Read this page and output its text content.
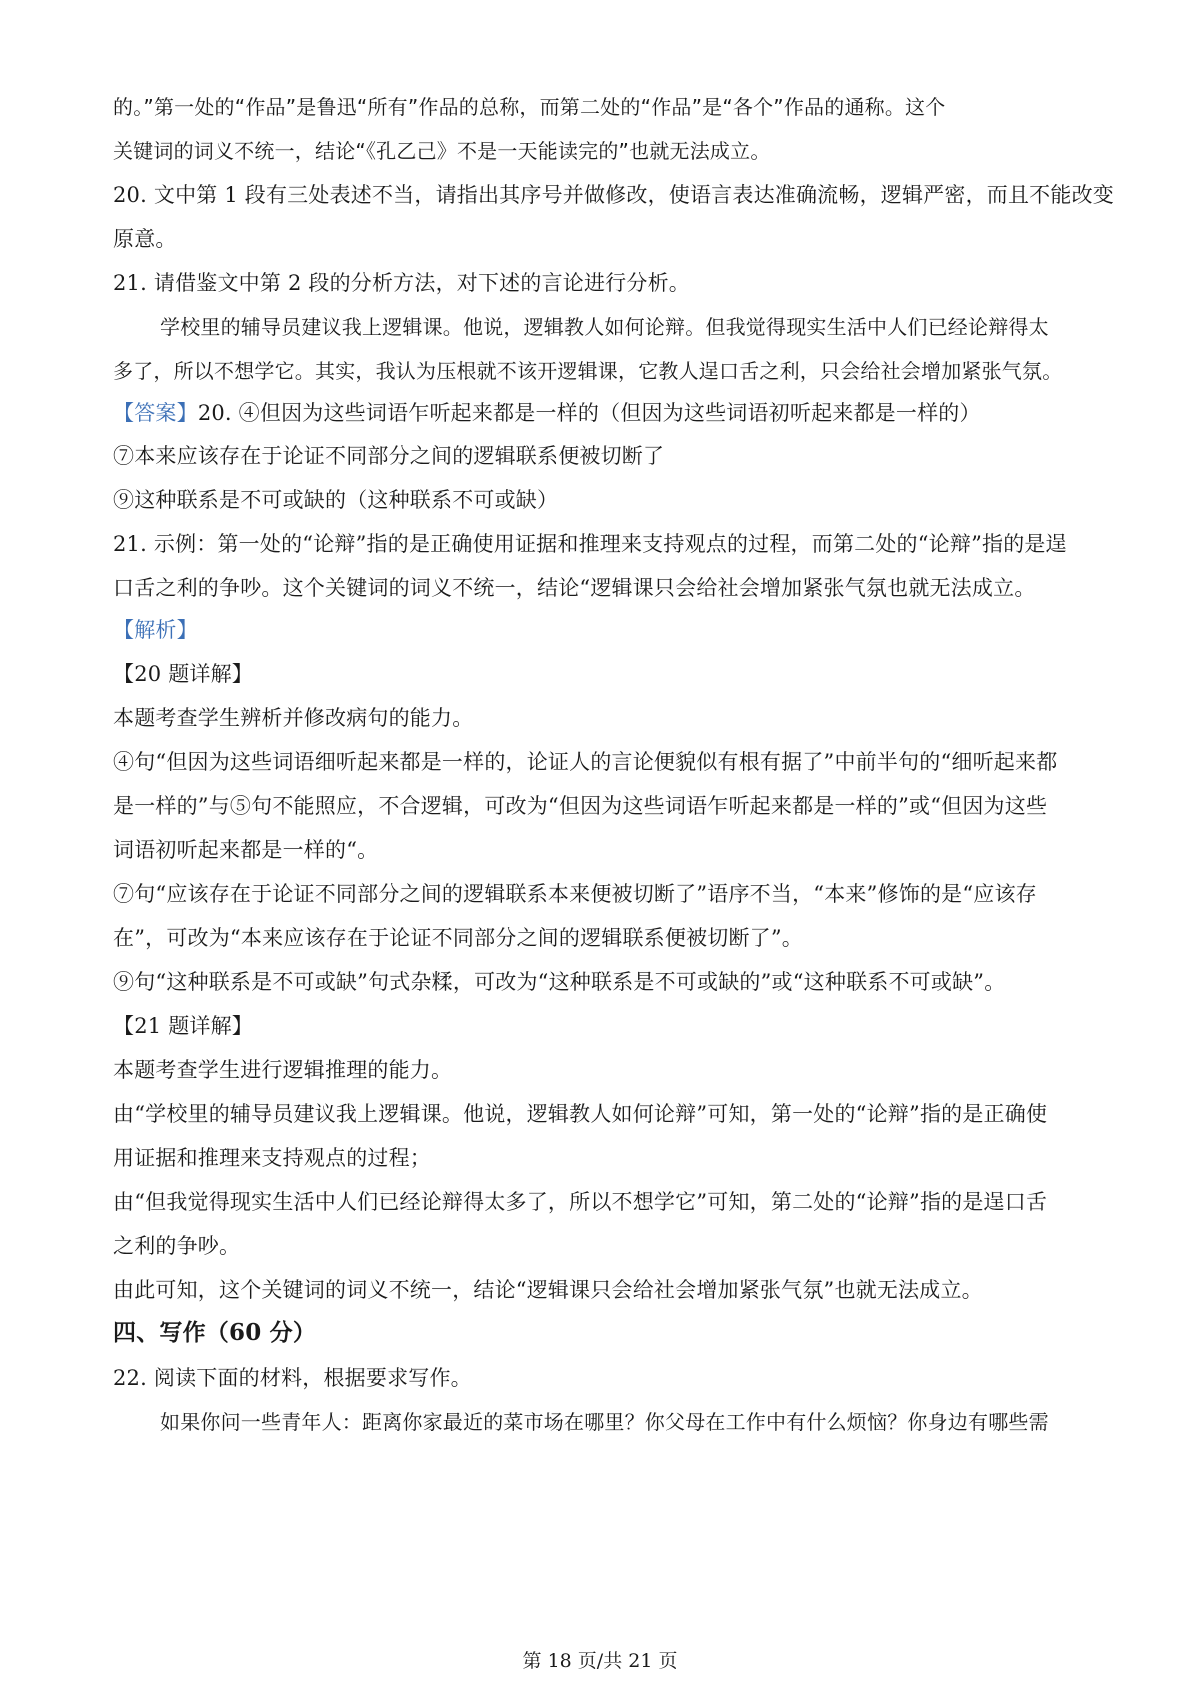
的。”第一处的“作品”是鲁迅“所有”作品的总称，而第二处的“作品”是“各个”作品的通称。这个
关键词的词义不统一，结论“《孔乙己》不是一天能读完的”也就无法成立。
20. 文中第 1 段有三处表述不当，请指出其序号并做修改，使语言表达准确流畅，逻辑严密，而且不能改变
原意。
21. 请借鉴文中第 2 段的分析方法，对下述的言论进行分析。
学校里的辅导员建议我上逻辑课。他说，逻辑教人如何论辩。但我觉得现实生活中人们已经论辩得太
多了，所以不想学它。其实，我认为压根就不该开逻辑课，它教人逞口舌之利，只会给社会增加紧张气氛。
【答案】20. ④但因为这些词语乍听起来都是一样的（但因为这些词语初听起来都是一样的）
⑦本来应该存在于论证不同部分之间的逻辑联系便被切断了
⑨这种联系是不可或缺的（这种联系不可或缺）
21. 示例：第一处的“论辩”指的是正确使用证据和推理来支持观点的过程，而第二处的“论辩”指的是逞
口舌之利的争吵。这个关键词的词义不统一，结论“逻辑课只会给社会增加紧张气氛也就无法成立。
【解析】
【20 题详解】
本题考查学生辨析并修改病句的能力。
④句“但因为这些词语细听起来都是一样的，论证人的言论便貌似有根有据了”中前半句的“细听起来都
是一样的”与⑤句不能照应，不合逻辑，可改为“但因为这些词语乍听起来都是一样的”或“但因为这些
词语初听起来都是一样的“。
⑦句“应该存在于论证不同部分之间的逻辑联系本来便被切断了”语序不当，“本来”修饰的是“应该存
在”，可改为“本来应该存在于论证不同部分之间的逻辑联系便被切断了”。
⑨句“这种联系是不可或缺”句式杂糅，可改为“这种联系是不可或缺的”或“这种联系不可或缺”。
【21 题详解】
本题考查学生进行逻辑推理的能力。
由“学校里的辅导员建议我上逻辑课。他说，逻辑教人如何论辩”可知，第一处的“论辩”指的是正确使
用证据和推理来支持观点的过程；
由“但我觉得现实生活中人们已经论辩得太多了，所以不想学它”可知，第二处的“论辩”指的是逞口舌
之利的争吵。
由此可知，这个关键词的词义不统一，结论“逻辑课只会给社会增加紧张气氛”也就无法成立。
四、写作（60 分）
22. 阅读下面的材料，根据要求写作。
如果你问一些青年人：距离你家最近的菜市场在哪里？你父母在工作中有什么烦恼？你身边有哪些需
第 18 页/共 21 页
